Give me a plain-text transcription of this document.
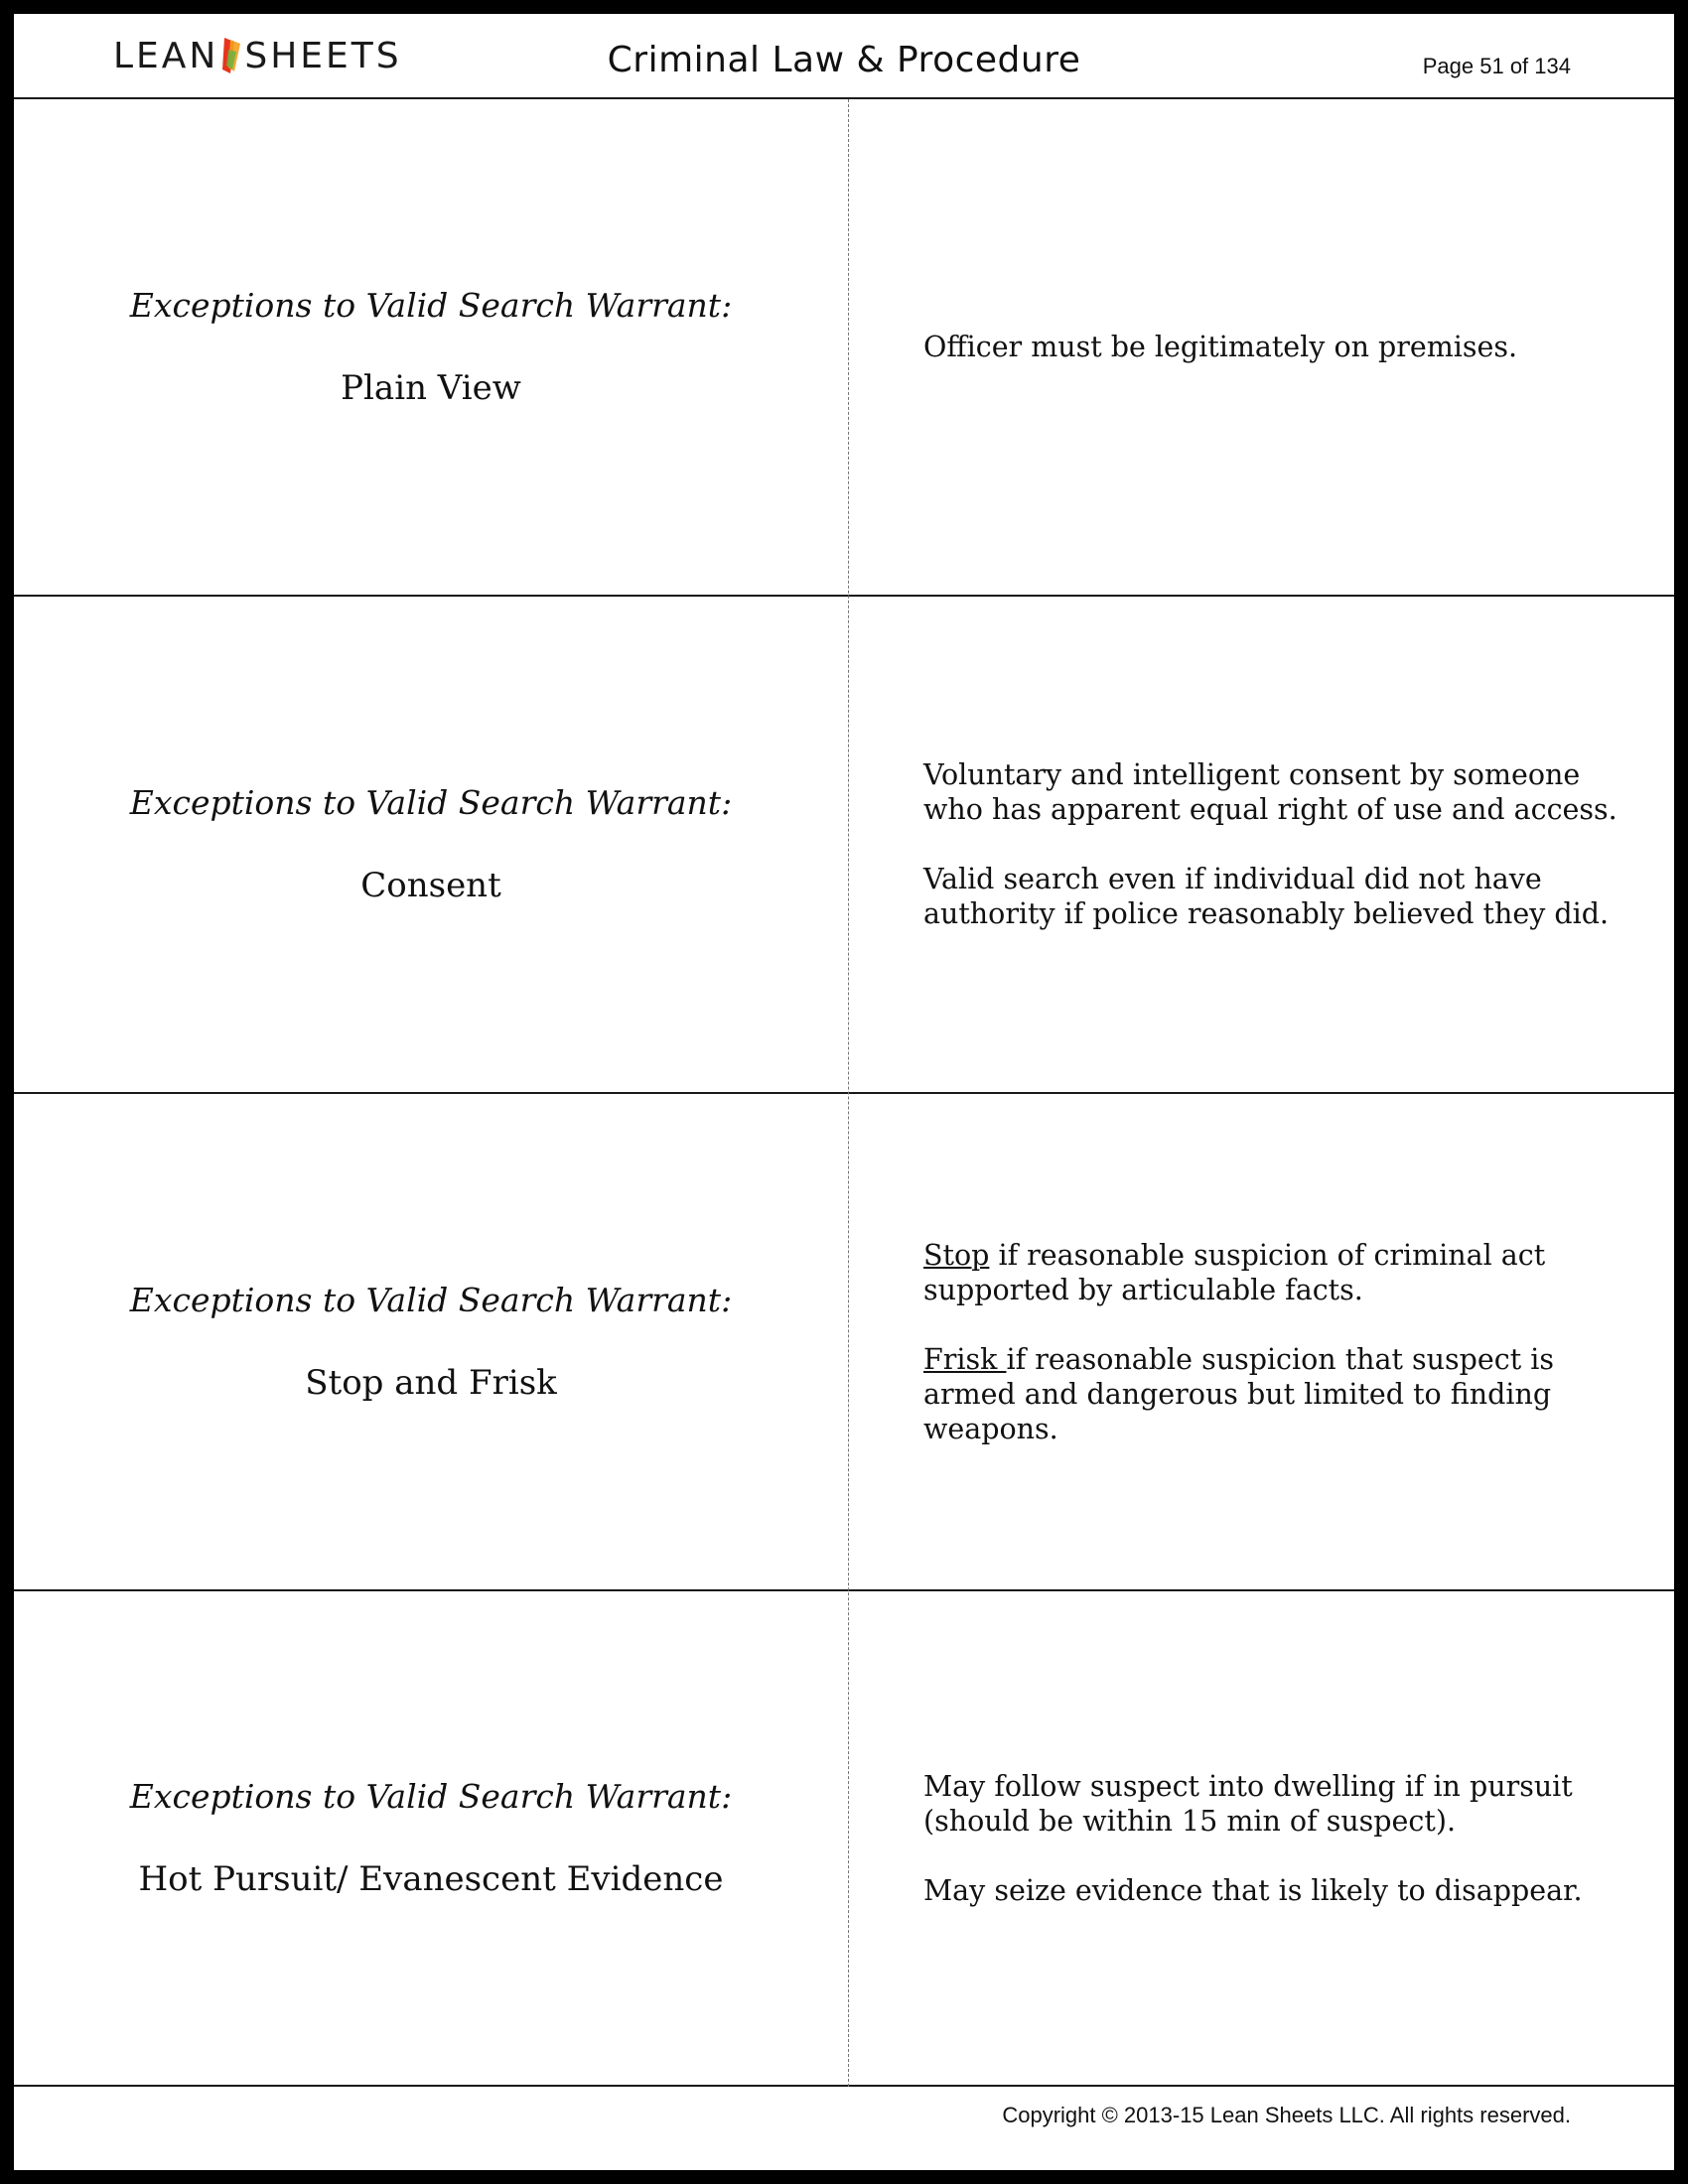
LEAN SHEETS	Criminal Law & Procedure	Page 51 of 134
Exceptions to Valid Search Warrant:
Plain View

Officer must be legitimately on premises.

Exceptions to Valid Search Warrant:
Consent

Voluntary and intelligent consent by someone who has apparent equal right of use and access.

Valid search even if individual did not have authority if police reasonably believed they did.

Exceptions to Valid Search Warrant:
Stop and Frisk

Stop if reasonable suspicion of criminal act supported by articulable facts.

Frisk if reasonable suspicion that suspect is armed and dangerous but limited to finding weapons.

Exceptions to Valid Search Warrant:
Hot Pursuit/ Evanescent Evidence

May follow suspect into dwelling if in pursuit (should be within 15 min of suspect).

May seize evidence that is likely to disappear.

Copyright © 2013-15 Lean Sheets LLC. All rights reserved.
